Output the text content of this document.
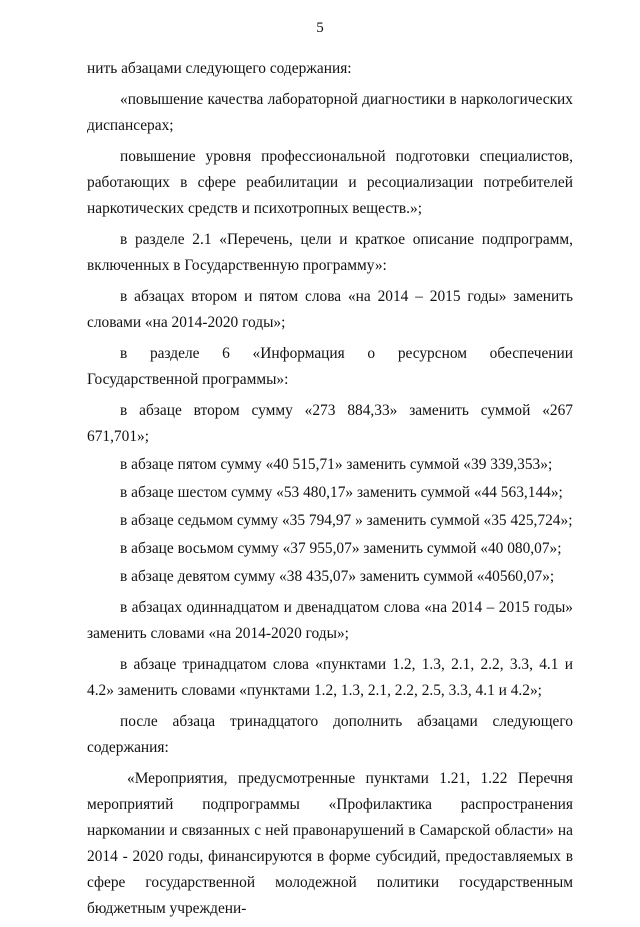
5

нить абзацами следующего содержания:

«повышение качества лабораторной диагностики в наркологических диспансерах;

повышение уровня профессиональной подготовки специалистов, работающих в сфере реабилитации и ресоциализации потребителей наркотических средств и психотропных веществ.»;

в разделе 2.1 «Перечень, цели и краткое описание подпрограмм, включенных в Государственную программу»:

в абзацах втором и пятом слова «на 2014 – 2015 годы» заменить словами «на 2014-2020 годы»;

в разделе 6 «Информация о ресурсном обеспечении Государственной программы»:

в абзаце втором сумму «273 884,33» заменить суммой «267 671,701»;

в абзаце пятом сумму «40 515,71» заменить суммой «39 339,353»;

в абзаце шестом сумму «53 480,17» заменить суммой «44 563,144»;

в абзаце седьмом сумму «35 794,97 » заменить суммой «35 425,724»;

в абзаце восьмом сумму «37 955,07» заменить суммой «40 080,07»;

в абзаце девятом сумму «38 435,07» заменить суммой «40560,07»;

в абзацах одиннадцатом и двенадцатом слова «на 2014 – 2015 годы» заменить словами «на 2014-2020 годы»;

в абзаце тринадцатом слова «пунктами 1.2, 1.3, 2.1, 2.2, 3.3, 4.1 и 4.2» заменить словами «пунктами 1.2, 1.3, 2.1, 2.2, 2.5, 3.3, 4.1 и 4.2»;

после абзаца тринадцатого дополнить абзацами следующего содержания:

«Мероприятия, предусмотренные пунктами 1.21, 1.22 Перечня мероприятий подпрограммы «Профилактика распространения наркомании и связанных с ней правонарушений в Самарской области» на 2014 - 2020 годы, финансируются в форме субсидий, предоставляемых в сфере государственной молодежной политики государственным бюджетным учреждени-
